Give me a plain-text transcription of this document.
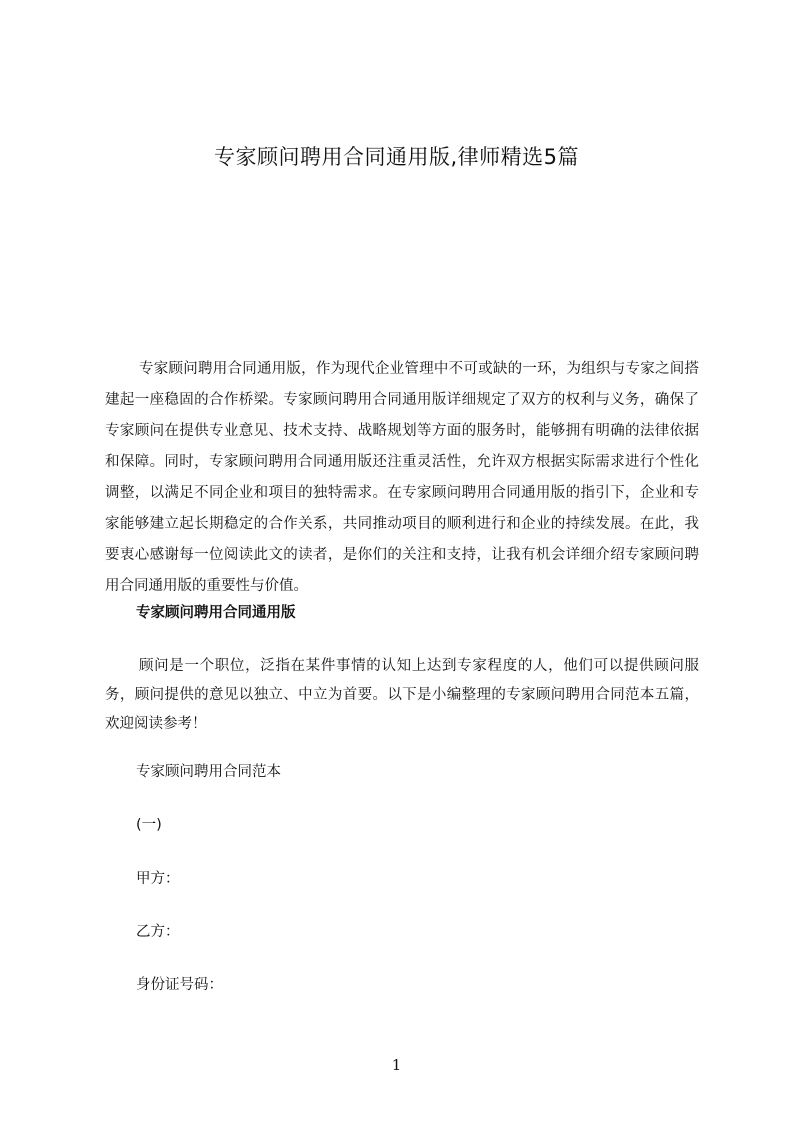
专家顾问聘用合同通用版,律师精选5篇

专家顾问聘用合同通用版，作为现代企业管理中不可或缺的一环，为组织与专家之间搭建起一座稳固的合作桥梁。专家顾问聘用合同通用版详细规定了双方的权利与义务，确保了专家顾问在提供专业意见、技术支持、战略规划等方面的服务时，能够拥有明确的法律依据和保障。同时，专家顾问聘用合同通用版还注重灵活性，允许双方根据实际需求进行个性化调整，以满足不同企业和项目的独特需求。在专家顾问聘用合同通用版的指引下，企业和专家能够建立起长期稳定的合作关系，共同推动项目的顺利进行和企业的持续发展。在此，我要衷心感谢每一位阅读此文的读者，是你们的关注和支持，让我有机会详细介绍专家顾问聘用合同通用版的重要性与价值。

专家顾问聘用合同通用版

顾问是一个职位，泛指在某件事情的认知上达到专家程度的人，他们可以提供顾问服务，顾问提供的意见以独立、中立为首要。以下是小编整理的专家顾问聘用合同范本五篇，欢迎阅读参考！

专家顾问聘用合同范本
(一)
甲方：
乙方：
身份证号码：
1
